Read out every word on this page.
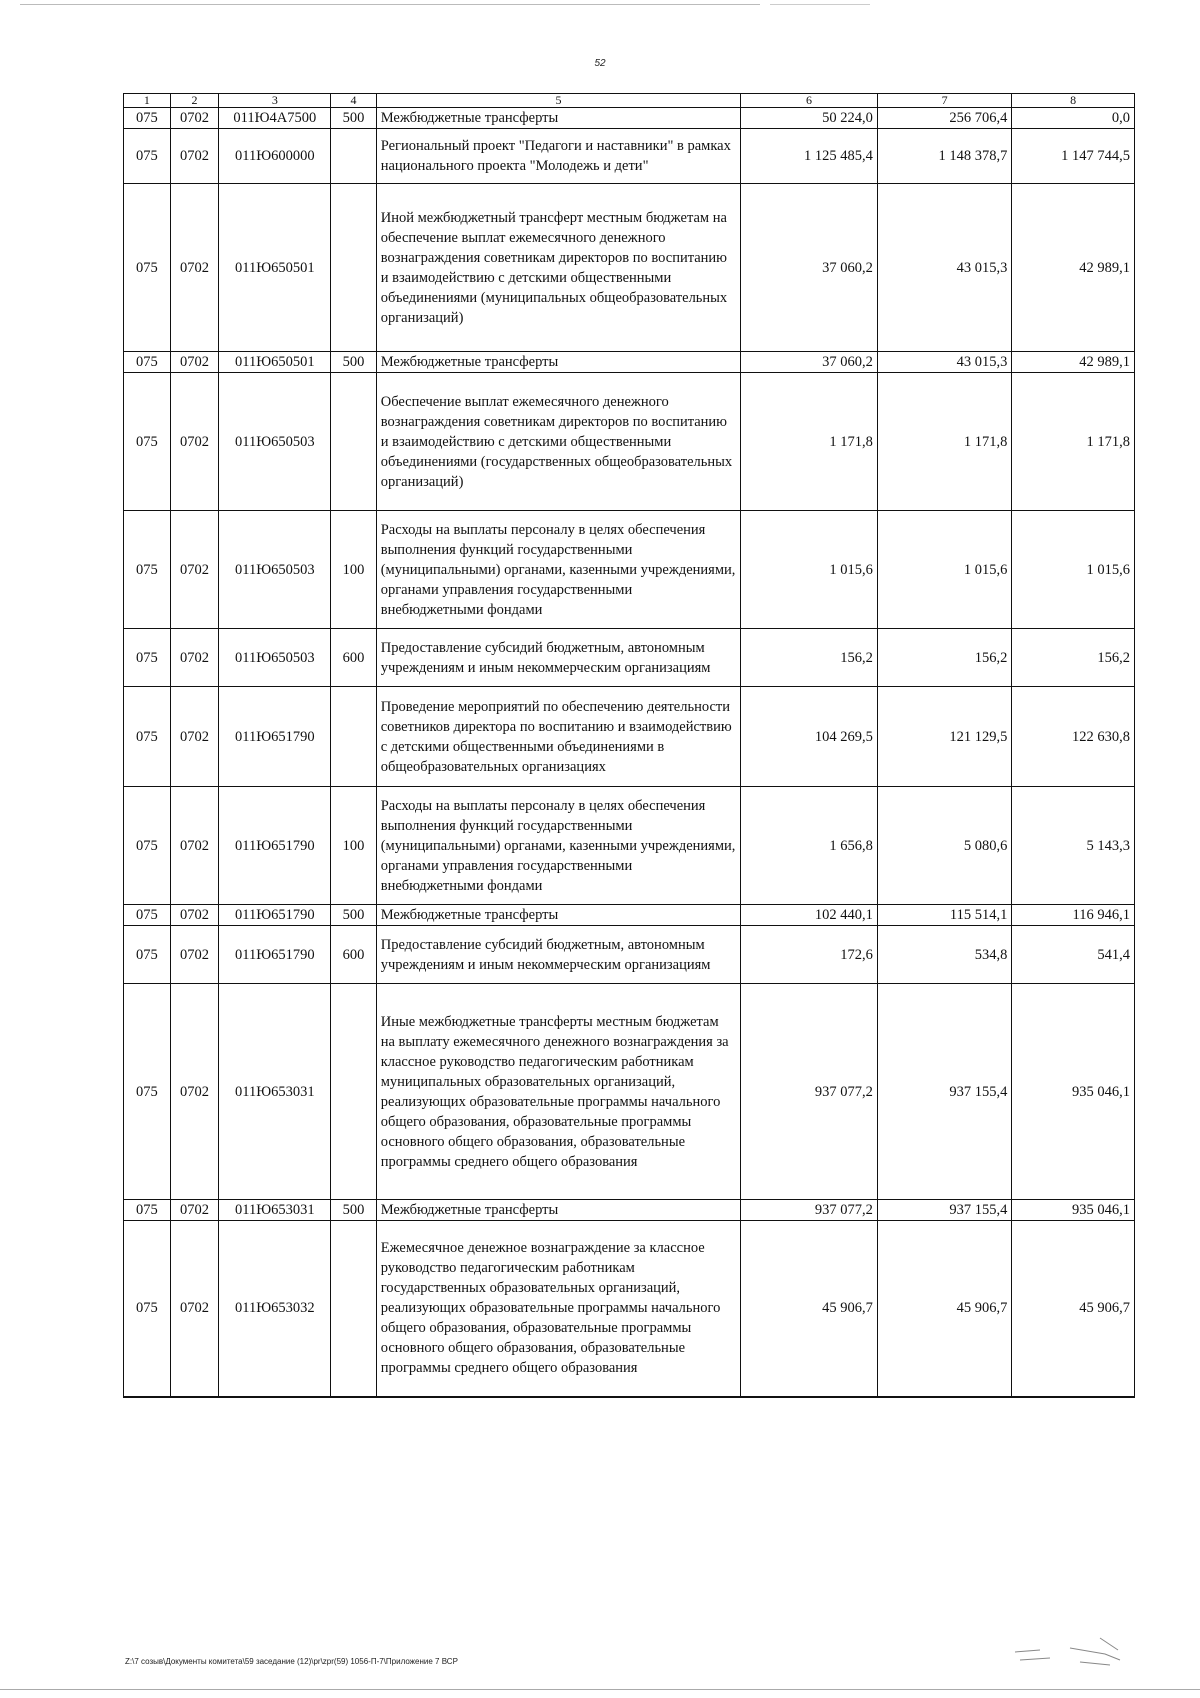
52
1	2	3	4	5	6	7	8
075	0702	011Ю4А7500	500	Межбюджетные трансферты	50 224,0	256 706,4	0,0
075	0702	011Ю600000		Региональный проект "Педагоги и наставники" в рамках национального проекта "Молодежь и дети"	1 125 485,4	1 148 378,7	1 147 744,5
075	0702	011Ю650501		Иной межбюджетный трансферт местным бюджетам на обеспечение выплат ежемесячного денежного вознаграждения советникам директоров по воспитанию и взаимодействию с детскими общественными объединениями (муниципальных общеобразовательных организаций)	37 060,2	43 015,3	42 989,1
075	0702	011Ю650501	500	Межбюджетные трансферты	37 060,2	43 015,3	42 989,1
075	0702	011Ю650503		Обеспечение выплат ежемесячного денежного вознаграждения советникам директоров по воспитанию и взаимодействию с детскими общественными объединениями (государственных общеобразовательных организаций)	1 171,8	1 171,8	1 171,8
075	0702	011Ю650503	100	Расходы на выплаты персоналу в целях обеспечения выполнения функций государственными (муниципальными) органами, казенными учреждениями, органами управления государственными внебюджетными фондами	1 015,6	1 015,6	1 015,6
075	0702	011Ю650503	600	Предоставление субсидий бюджетным, автономным учреждениям и иным некоммерческим организациям	156,2	156,2	156,2
075	0702	011Ю651790		Проведение мероприятий по обеспечению деятельности советников директора по воспитанию и взаимодействию с детскими общественными объединениями в общеобразовательных организациях	104 269,5	121 129,5	122 630,8
075	0702	011Ю651790	100	Расходы на выплаты персоналу в целях обеспечения выполнения функций государственными (муниципальными) органами, казенными учреждениями, органами управления государственными внебюджетными фондами	1 656,8	5 080,6	5 143,3
075	0702	011Ю651790	500	Межбюджетные трансферты	102 440,1	115 514,1	116 946,1
075	0702	011Ю651790	600	Предоставление субсидий бюджетным, автономным учреждениям и иным некоммерческим организациям	172,6	534,8	541,4
075	0702	011Ю653031		Иные межбюджетные трансферты местным бюджетам на выплату ежемесячного денежного вознаграждения за классное руководство педагогическим работникам муниципальных образовательных организаций, реализующих образовательные программы начального общего образования, образовательные программы основного общего образования, образовательные программы среднего общего образования	937 077,2	937 155,4	935 046,1
075	0702	011Ю653031	500	Межбюджетные трансферты	937 077,2	937 155,4	935 046,1
075	0702	011Ю653032		Ежемесячное денежное вознаграждение за классное руководство педагогическим работникам государственных образовательных организаций, реализующих образовательные программы начального общего образования, образовательные программы основного общего образования, образовательные программы среднего общего образования	45 906,7	45 906,7	45 906,7
Z:\7 созыв\Документы комитета\59 заседание (12)\pr\zpr(59) 1056-П-7\Приложение 7 ВСР
